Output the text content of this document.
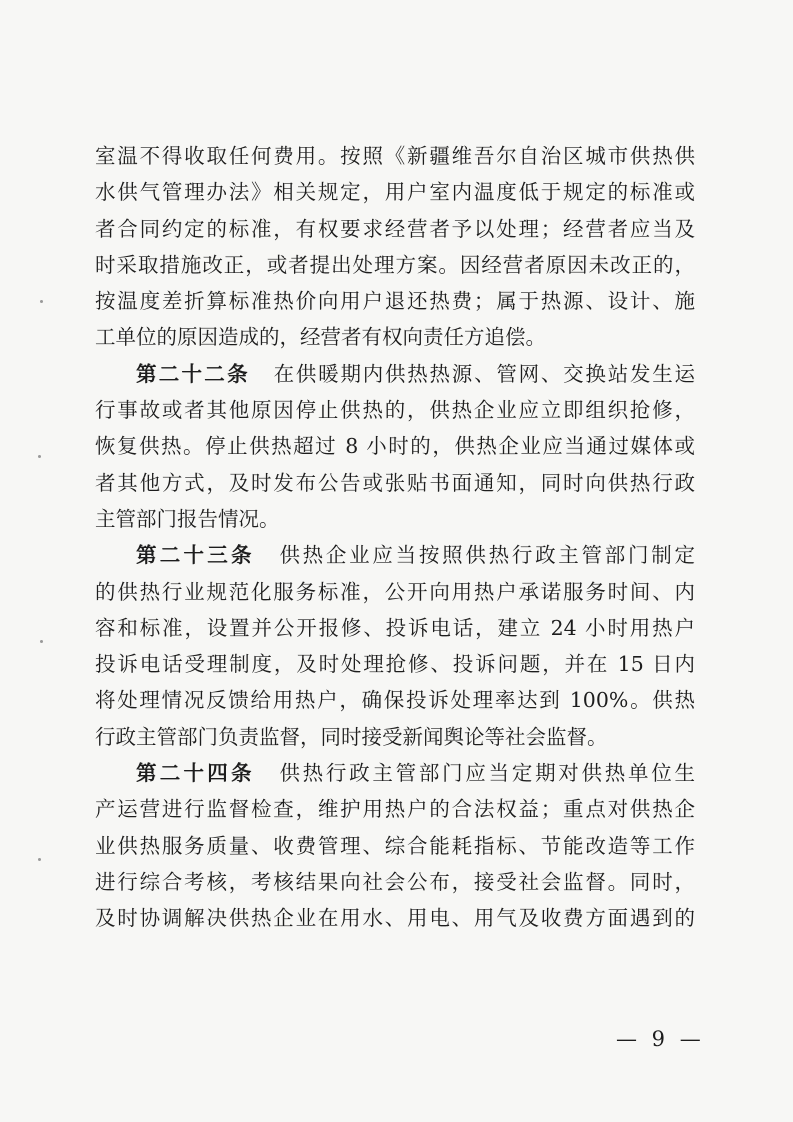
室温不得收取任何费用。按照《新疆维吾尔自治区城市供热供
水供气管理办法》相关规定，用户室内温度低于规定的标准或
者合同约定的标准，有权要求经营者予以处理；经营者应当及
时采取措施改正，或者提出处理方案。因经营者原因未改正的，
按温度差折算标准热价向用户退还热费；属于热源、设计、施
工单位的原因造成的，经营者有权向责任方追偿。
第二十二条 在供暖期内供热热源、管网、交换站发生运
行事故或者其他原因停止供热的，供热企业应立即组织抢修，
恢复供热。停止供热超过 8 小时的，供热企业应当通过媒体或
者其他方式，及时发布公告或张贴书面通知，同时向供热行政
主管部门报告情况。
第二十三条 供热企业应当按照供热行政主管部门制定
的供热行业规范化服务标准，公开向用热户承诺服务时间、内
容和标准，设置并公开报修、投诉电话，建立 24 小时用热户
投诉电话受理制度，及时处理抢修、投诉问题，并在 15 日内
将处理情况反馈给用热户，确保投诉处理率达到 100%。供热
行政主管部门负责监督，同时接受新闻舆论等社会监督。
第二十四条 供热行政主管部门应当定期对供热单位生
产运营进行监督检查，维护用热户的合法权益；重点对供热企
业供热服务质量、收费管理、综合能耗指标、节能改造等工作
进行综合考核，考核结果向社会公布，接受社会监督。同时，
及时协调解决供热企业在用水、用电、用气及收费方面遇到的
— 9 —
